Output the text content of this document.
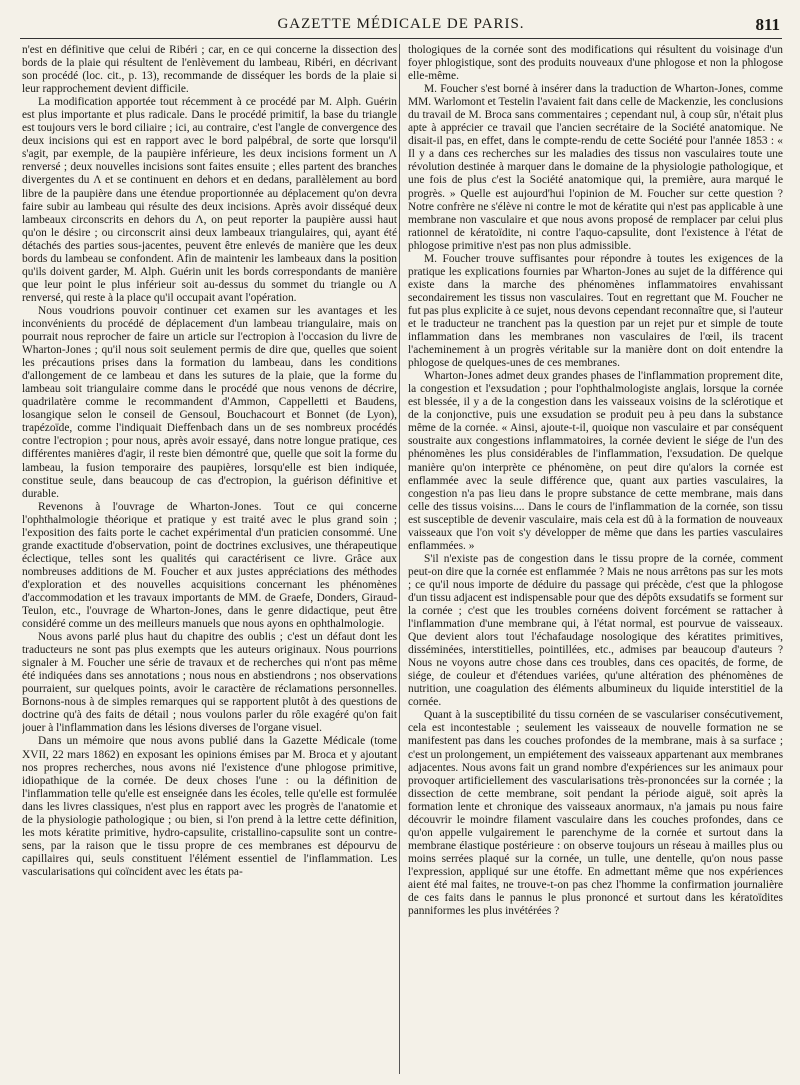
GAZETTE MÉDICALE DE PARIS.	811

n'est en définitive que celui de Ribéri ; car, en ce qui concerne la dissection des bords de la plaie qui résultent de l'enlèvement du lambeau, Ribéri, en décrivant son procédé (loc. cit., p. 13), recommande de disséquer les bords de la plaie si leur rapprochement devient difficile.

La modification apportée tout récemment à ce procédé par M. Alph. Guérin est plus importante et plus radicale. Dans le procédé primitif, la base du triangle est toujours vers le bord ciliaire ; ici, au contraire, c'est l'angle de convergence des deux incisions qui est en rapport avec le bord palpébral, de sorte que lorsqu'il s'agit, par exemple, de la paupière inférieure, les deux incisions forment un Λ renversé ; deux nouvelles incisions sont faites ensuite ; elles partent des branches divergentes du Λ et se continuent en dehors et en dedans, parallèlement au bord libre de la paupière dans une étendue proportionnée au déplacement qu'on devra faire subir au lambeau qui résulte des deux incisions. Après avoir disséqué deux lambeaux circonscrits en dehors du Λ, on peut reporter la paupière aussi haut qu'on le désire ; ou circonscrit ainsi deux lambeaux triangulaires, qui, ayant été détachés des parties sous-jacentes, peuvent être enlevés de manière que les deux bords du lambeau se confondent. Afin de maintenir les lambeaux dans la position qu'ils doivent garder, M. Alph. Guérin unit les bords correspondants de manière que leur point le plus inférieur soit au-dessus du sommet du triangle ou Λ renversé, qui reste à la place qu'il occupait avant l'opération.

Nous voudrions pouvoir continuer cet examen sur les avantages et les inconvénients du procédé de déplacement d'un lambeau triangulaire, mais on pourrait nous reprocher de faire un article sur l'ectropion à l'occasion du livre de Wharton-Jones ; qu'il nous soit seulement permis de dire que, quelles que soient les précautions prises dans la formation du lambeau, dans les conditions d'allongement de ce lambeau et dans les sutures de la plaie, que la forme du lambeau soit triangulaire comme dans le procédé que nous venons de décrire, quadrilatère comme le recommandent d'Ammon, Cappelletti et Baudens, losangique selon le conseil de Gensoul, Bouchacourt et Bonnet (de Lyon), trapézoïde, comme l'indiquait Dieffenbach dans un de ses nombreux procédés contre l'ectropion ; pour nous, après avoir essayé, dans notre longue pratique, ces différentes manières d'agir, il reste bien démontré que, quelle que soit la forme du lambeau, la fusion temporaire des paupières, lorsqu'elle est bien indiquée, constitue seule, dans beaucoup de cas d'ectropion, la guérison définitive et durable.

Revenons à l'ouvrage de Wharton-Jones. Tout ce qui concerne l'ophthalmologie théorique et pratique y est traité avec le plus grand soin ; l'exposition des faits porte le cachet expérimental d'un praticien consommé. Une grande exactitude d'observation, point de doctrines exclusives, une thérapeutique éclectique, telles sont les qualités qui caractérisent ce livre. Grâce aux nombreuses additions de M. Foucher et aux justes appréciations des méthodes d'exploration et des nouvelles acquisitions concernant les phénomènes d'accommodation et les travaux importants de MM. de Graefe, Donders, Giraud-Teulon, etc., l'ouvrage de Wharton-Jones, dans le genre didactique, peut être considéré comme un des meilleurs manuels que nous ayons en ophthalmologie.

Nous avons parlé plus haut du chapitre des oublis ; c'est un défaut dont les traducteurs ne sont pas plus exempts que les auteurs originaux. Nous pourrions signaler à M. Foucher une série de travaux et de recherches qui n'ont pas même été indiquées dans ses annotations ; nous nous en abstiendrons ; nos observations pourraient, sur quelques points, avoir le caractère de réclamations personnelles. Bornons-nous à de simples remarques qui se rapportent plutôt à des questions de doctrine qu'à des faits de détail ; nous voulons parler du rôle exagéré qu'on fait jouer à l'inflammation dans les lésions diverses de l'organe visuel.

Dans un mémoire que nous avons publié dans la Gazette Médicale (tome XVII, 22 mars 1862) en exposant les opinions émises par M. Broca et y ajoutant nos propres recherches, nous avons nié l'existence d'une phlogose primitive, idiopathique de la cornée. De deux choses l'une : ou la définition de l'inflammation telle qu'elle est enseignée dans les écoles, telle qu'elle est formulée dans les livres classiques, n'est plus en rapport avec les progrès de l'anatomie et de la physiologie pathologique ; ou bien, si l'on prend à la lettre cette définition, les mots kératite primitive, hydro-capsulite, cristallino-capsulite sont un contre-sens, par la raison que le tissu propre de ces membranes est dépourvu de capillaires qui, seuls constituent l'élément essentiel de l'inflammation. Les vascularisations qui coïncident avec les états pa-

thologiques de la cornée sont des modifications qui résultent du voisinage d'un foyer phlogistique, sont des produits nouveaux d'une phlogose et non la phlogose elle-même.

M. Foucher s'est borné à insérer dans la traduction de Wharton-Jones, comme MM. Warlomont et Testelin l'avaient fait dans celle de Mackenzie, les conclusions du travail de M. Broca sans commentaires ; cependant nul, à coup sûr, n'était plus apte à apprécier ce travail que l'ancien secrétaire de la Société anatomique. Ne disait-il pas, en effet, dans le compte-rendu de cette Société pour l'année 1853 : « Il y a dans ces recherches sur les maladies des tissus non vasculaires toute une révolution destinée à marquer dans le domaine de la physiologie pathologique, et une fois de plus c'est la Société anatomique qui, la première, aura marqué le progrès. » Quelle est aujourd'hui l'opinion de M. Foucher sur cette question ? Notre confrère ne s'élève ni contre le mot de kératite qui n'est pas applicable à une membrane non vasculaire et que nous avons proposé de remplacer par celui plus rationnel de kératoïdite, ni contre l'aquo-capsulite, dont l'existence à l'état de phlogose primitive n'est pas non plus admissible.

M. Foucher trouve suffisantes pour répondre à toutes les exigences de la pratique les explications fournies par Wharton-Jones au sujet de la différence qui existe dans la marche des phénomènes inflammatoires envahissant secondairement les tissus non vasculaires. Tout en regrettant que M. Foucher ne fut pas plus explicite à ce sujet, nous devons cependant reconnaître que, si l'auteur et le traducteur ne tranchent pas la question par un rejet pur et simple de toute inflammation dans les membranes non vasculaires de l'œil, ils tracent l'acheminement à un progrès véritable sur la manière dont on doit entendre la phlogose de quelques-unes de ces membranes.

Wharton-Jones admet deux grandes phases de l'inflammation proprement dite, la congestion et l'exsudation ; pour l'ophthalmologiste anglais, lorsque la cornée est blessée, il y a de la congestion dans les vaisseaux voisins de la sclérotique et de la conjonctive, puis une exsudation se produit peu à peu dans la substance même de la cornée. « Ainsi, ajoute-t-il, quoique non vasculaire et par conséquent soustraite aux congestions inflammatoires, la cornée devient le siége de l'un des phénomènes les plus considérables de l'inflammation, l'exsudation. De quelque manière qu'on interprète ce phénomène, on peut dire qu'alors la cornée est enflammée avec la seule différence que, quant aux parties vasculaires, la congestion n'a pas lieu dans le propre substance de cette membrane, mais dans celle des tissus voisins.... Dans le cours de l'inflammation de la cornée, son tissu est susceptible de devenir vasculaire, mais cela est dû à la formation de nouveaux vaisseaux que l'on voit s'y développer de même que dans les parties vasculaires enflammées. »

S'il n'existe pas de congestion dans le tissu propre de la cornée, comment peut-on dire que la cornée est enflammée ? Mais ne nous arrêtons pas sur les mots ; ce qu'il nous importe de déduire du passage qui précède, c'est que la phlogose d'un tissu adjacent est indispensable pour que des dépôts exsudatifs se forment sur la cornée ; c'est que les troubles cornéens doivent forcément se rattacher à l'inflammation d'une membrane qui, à l'état normal, est pourvue de vaisseaux. Que devient alors tout l'échafaudage nosologique des kératites primitives, disséminées, interstitielles, pointillées, etc., admises par beaucoup d'auteurs ? Nous ne voyons autre chose dans ces troubles, dans ces opacités, de forme, de siége, de couleur et d'étendues variées, qu'une altération des phénomènes de nutrition, une coagulation des éléments albumineux du liquide interstitiel de la cornée.

Quant à la susceptibilité du tissu cornéen de se vasculariser consécutivement, cela est incontestable ; seulement les vaisseaux de nouvelle formation ne se manifestent pas dans les couches profondes de la membrane, mais à sa surface ; c'est un prolongement, un empiétement des vaisseaux appartenant aux membranes adjacentes. Nous avons fait un grand nombre d'expériences sur les animaux pour provoquer artificiellement des vascularisations très-prononcées sur la cornée ; la dissection de cette membrane, soit pendant la période aiguë, soit après la formation lente et chronique des vaisseaux anormaux, n'a jamais pu nous faire découvrir le moindre filament vasculaire dans les couches profondes, dans ce qu'on appelle vulgairement le parenchyme de la cornée et surtout dans la membrane élastique postérieure : on observe toujours un réseau à mailles plus ou moins serrées plaqué sur la cornée, un tulle, une dentelle, qu'on nous passe l'expression, appliqué sur une étoffe. En admettant même que nos expériences aient été mal faites, ne trouve-t-on pas chez l'homme la confirmation journalière de ces faits dans le pannus le plus prononcé et surtout dans les kératoïdites panniformes les plus invétérées ?
